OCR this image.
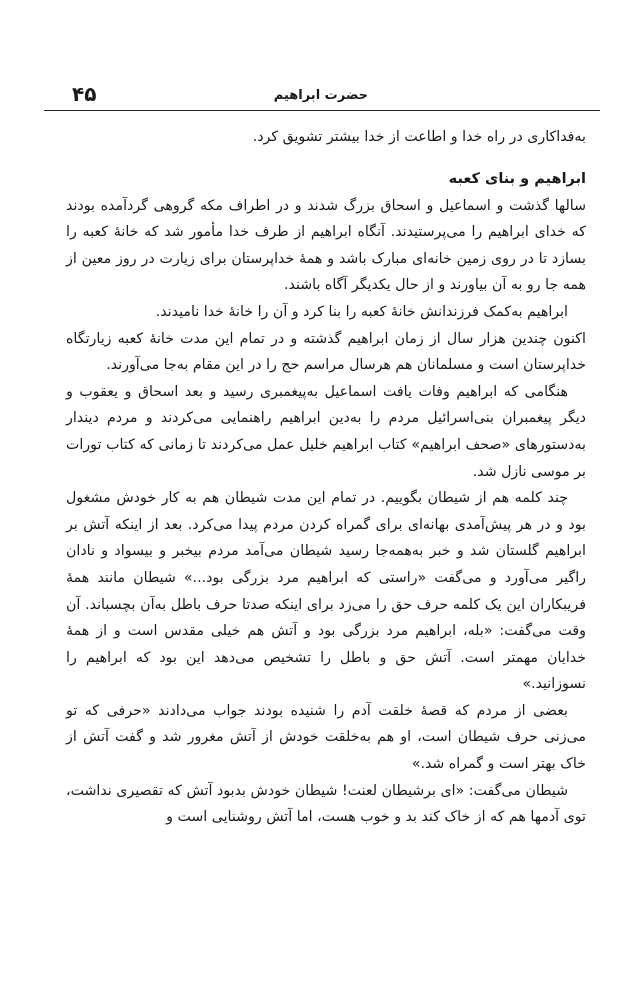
حضرت ابراهیم
۴۵

به‌فداکاری در راه خدا و اطاعت از خدا بیشتر تشویق کرد.

ابراهیم و بنای کعبه

سالها گذشت و اسماعیل و اسحاق بزرگ شدند و در اطراف مکه گروهی گردآمده بودند که خدای ابراهیم را می‌پرستیدند. آنگاه ابراهیم از طرف خدا مأمور شد که خانهٔ کعبه را بسازد تا در روی زمین خانه‌ای مبارک باشد و همهٔ خداپرستان برای زیارت در روز معین از همه جا رو به آن بیاورند و از حال یکدیگر آگاه باشند.

ابراهیم به‌کمک فرزندانش خانهٔ کعبه را بنا کرد و آن را خانهٔ خدا نامیدند.

اکنون چندین هزار سال از زمان ابراهیم گذشته و در تمام این مدت خانهٔ کعبه زیارتگاه خداپرستان است و مسلمانان هم هرسال مراسم حج را در این مقام به‌جا می‌آورند.

هنگامی که ابراهیم وفات یافت اسماعیل به‌پیغمبری رسید و بعد اسحاق و یعقوب و دیگر پیغمبران بنی‌اسرائیل مردم را به‌دین ابراهیم راهنمایی می‌کردند و مردم دیندار به‌دستورهای «صحف ابراهیم» کتاب ابراهیم خلیل عمل می‌کردند تا زمانی که کتاب تورات بر موسی نازل شد.

چند کلمه هم از شیطان بگوییم. در تمام این مدت شیطان هم به کار خودش مشغول بود و در هر پیش‌آمدی بهانه‌ای برای گمراه کردن مردم پیدا می‌کرد. بعد از اینکه آتش بر ابراهیم گلستان شد و خبر به‌همه‌جا رسید شیطان می‌آمد مردم بیخبر و بیسواد و نادان راگیر می‌آورد و می‌گفت «راستی که ابراهیم مرد بزرگی بود...» شیطان مانند همهٔ فریبکاران این یک کلمه حرف حق را می‌زد برای اینکه صدتا حرف باطل به‌آن بچسباند. آن وقت می‌گفت: «بله، ابراهیم مرد بزرگی بود و آتش هم خیلی مقدس است و از همهٔ خدایان مهمتر است. آتش حق و باطل را تشخیص می‌دهد این بود که ابراهیم را نسوزانید.»

بعضی از مردم که قصهٔ خلقت آدم را شنیده بودند جواب می‌دادند «حرفی که تو می‌زنی حرف شیطان است، او هم به‌خلقت خودش از آتش مغرور شد و گفت آتش از خاک بهتر است و گمراه شد.»

شیطان می‌گفت: «ای برشیطان لعنت! شیطان خودش بدبود آتش که تقصیری نداشت، توی آدمها هم که از خاک کند بد و خوب هست، اما آتش روشنایی است و
